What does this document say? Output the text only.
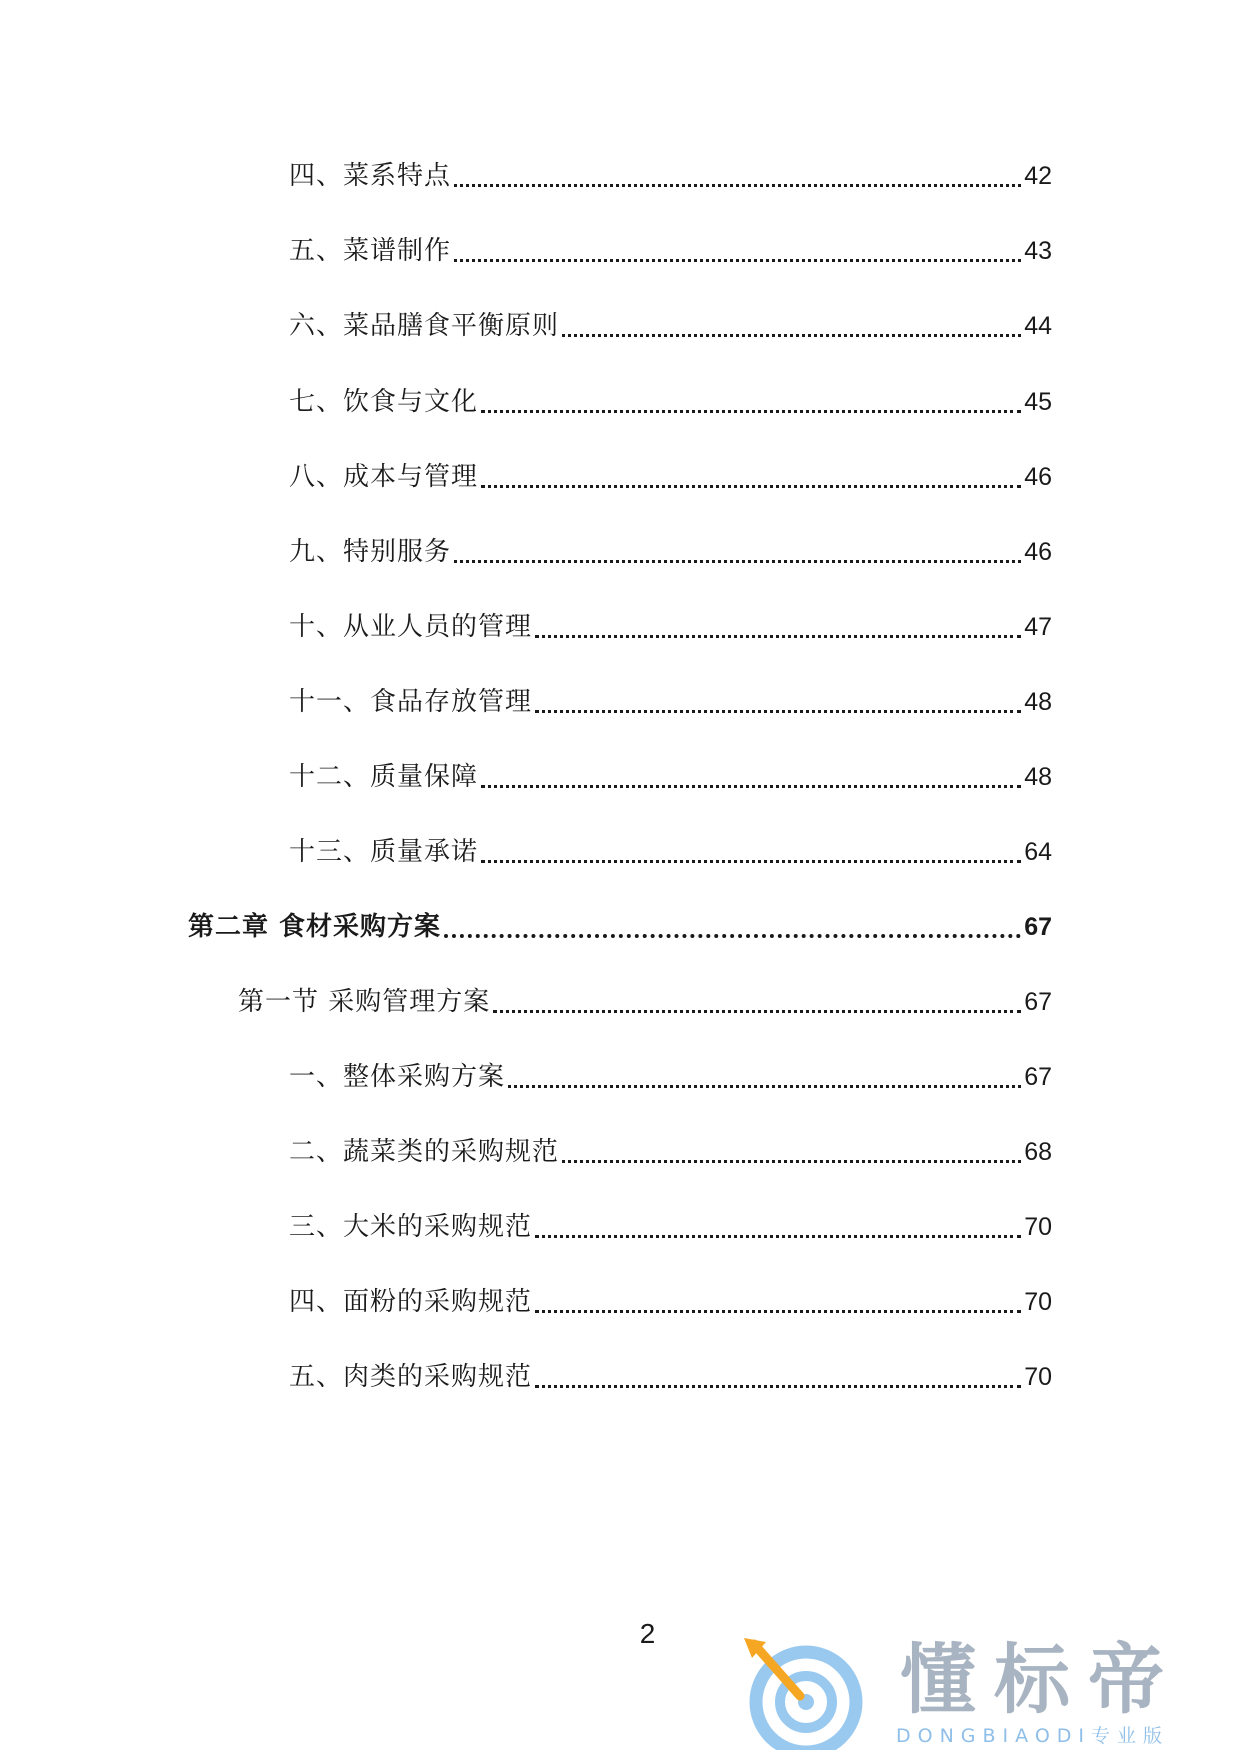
四、菜系特点	42
五、菜谱制作	43
六、菜品膳食平衡原则	44
七、饮食与文化	45
八、成本与管理	46
九、特别服务	46
十、从业人员的管理	47
十一、食品存放管理	48
十二、质量保障	48
十三、质量承诺	64
第二章 食材采购方案	67
第一节 采购管理方案	67
一、整体采购方案	67
二、蔬菜类的采购规范	68
三、大米的采购规范	70
四、面粉的采购规范	70
五、肉类的采购规范	70
2
懂标帝
DONGBIAODI专业版
